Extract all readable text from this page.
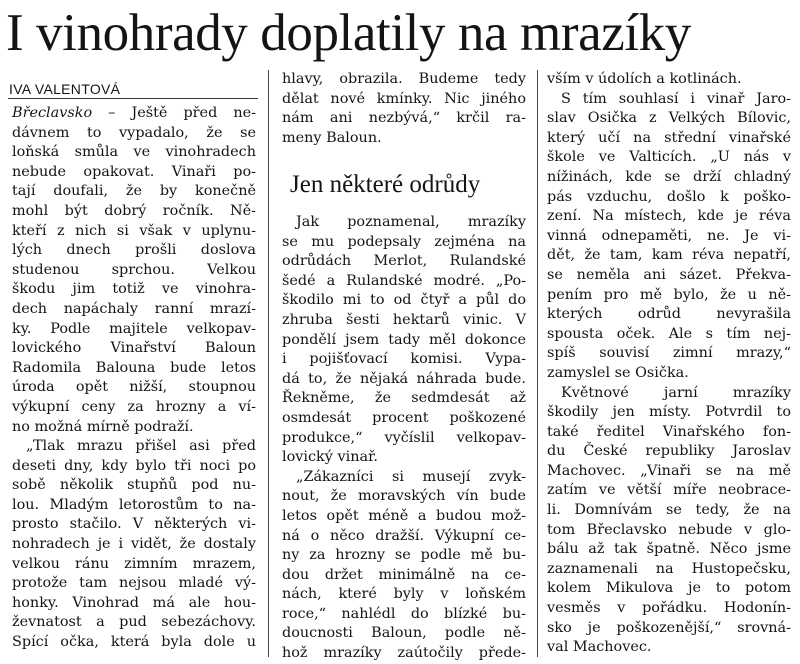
I vinohrady doplatily na mrazíky
IVA VALENTOVÁ
Břeclavsko – Ještě před ne-
dávnem to vypadalo, že se
loňská smůla ve vinohradech
nebude opakovat. Vinaři po-
tají doufali, že by konečně
mohl být dobrý ročník. Ně-
kteří z nich si však v uplynu-
lých dnech prošli doslova
studenou sprchou. Velkou
škodu jim totiž ve vinohra-
dech napáchaly ranní mrazí-
ky. Podle majitele velkopav-
lovického Vinařství Baloun
Radomila Balouna bude letos
úroda opět nižší, stoupnou
výkupní ceny za hrozny a ví-
no možná mírně podraží.
„Tlak mrazu přišel asi před
deseti dny, kdy bylo tři noci po
sobě několik stupňů pod nu-
lou. Mladým letorostům to na-
prosto stačilo. V některých vi-
nohradech je i vidět, že dostaly
velkou ránu zimním mrazem,
protože tam nejsou mladé vý-
honky. Vinohrad má ale hou-
ževnatost a pud sebezáchovy.
Spící očka, která byla dole u
hlavy, obrazila. Budeme tedy
dělat nové kmínky. Nic jiného
nám ani nezbývá,“ krčil ra-
meny Baloun.
Jen některé odrůdy
Jak poznamenal, mrazíky
se mu podepsaly zejména na
odrůdách Merlot, Rulandské
šedé a Rulandské modré. „Po-
škodilo mi to od čtyř a půl do
zhruba šesti hektarů vinic. V
pondělí jsem tady měl dokonce
i pojišťovací komisi. Vypa-
dá to, že nějaká náhrada bude.
Řekněme, že sedmdesát až
osmdesát procent poškozené
produkce,“ vyčíslil velkopav-
lovický vinař.
„Zákazníci si musejí zvyk-
nout, že moravských vín bude
letos opět méně a budou mož-
ná o něco dražší. Výkupní ce-
ny za hrozny se podle mě bu-
dou držet minimálně na ce-
nách, které byly v loňském
roce,“ nahlédl do blízké bu-
doucnosti Baloun, podle ně-
hož mrazíky zaútočily přede-
vším v údolích a kotlinách.
S tím souhlasí i vinař Jaro-
slav Osička z Velkých Bílovic,
který učí na střední vinařské
škole ve Valticích. „U nás v
nížinách, kde se drží chladný
pás vzduchu, došlo k poško-
zení. Na místech, kde je réva
vinná odnepaměti, ne. Je vi-
dět, že tam, kam réva nepatří,
se neměla ani sázet. Překva-
pením pro mě bylo, že u ně-
kterých odrůd nevyrašila
spousta oček. Ale s tím nej-
spíš souvisí zimní mrazy,“
zamyslel se Osička.
Květnové jarní mrazíky
škodily jen místy. Potvrdil to
také ředitel Vinařského fon-
du České republiky Jaroslav
Machovec. „Vinaři se na mě
zatím ve větší míře neobrace-
li. Domnívám se tedy, že na
tom Břeclavsko nebude v glo-
bálu až tak špatně. Něco jsme
zaznamenali na Hustopečsku,
kolem Mikulova je to potom
vesměs v pořádku. Hodonín-
sko je poškozenější,“ srovná-
val Machovec.
